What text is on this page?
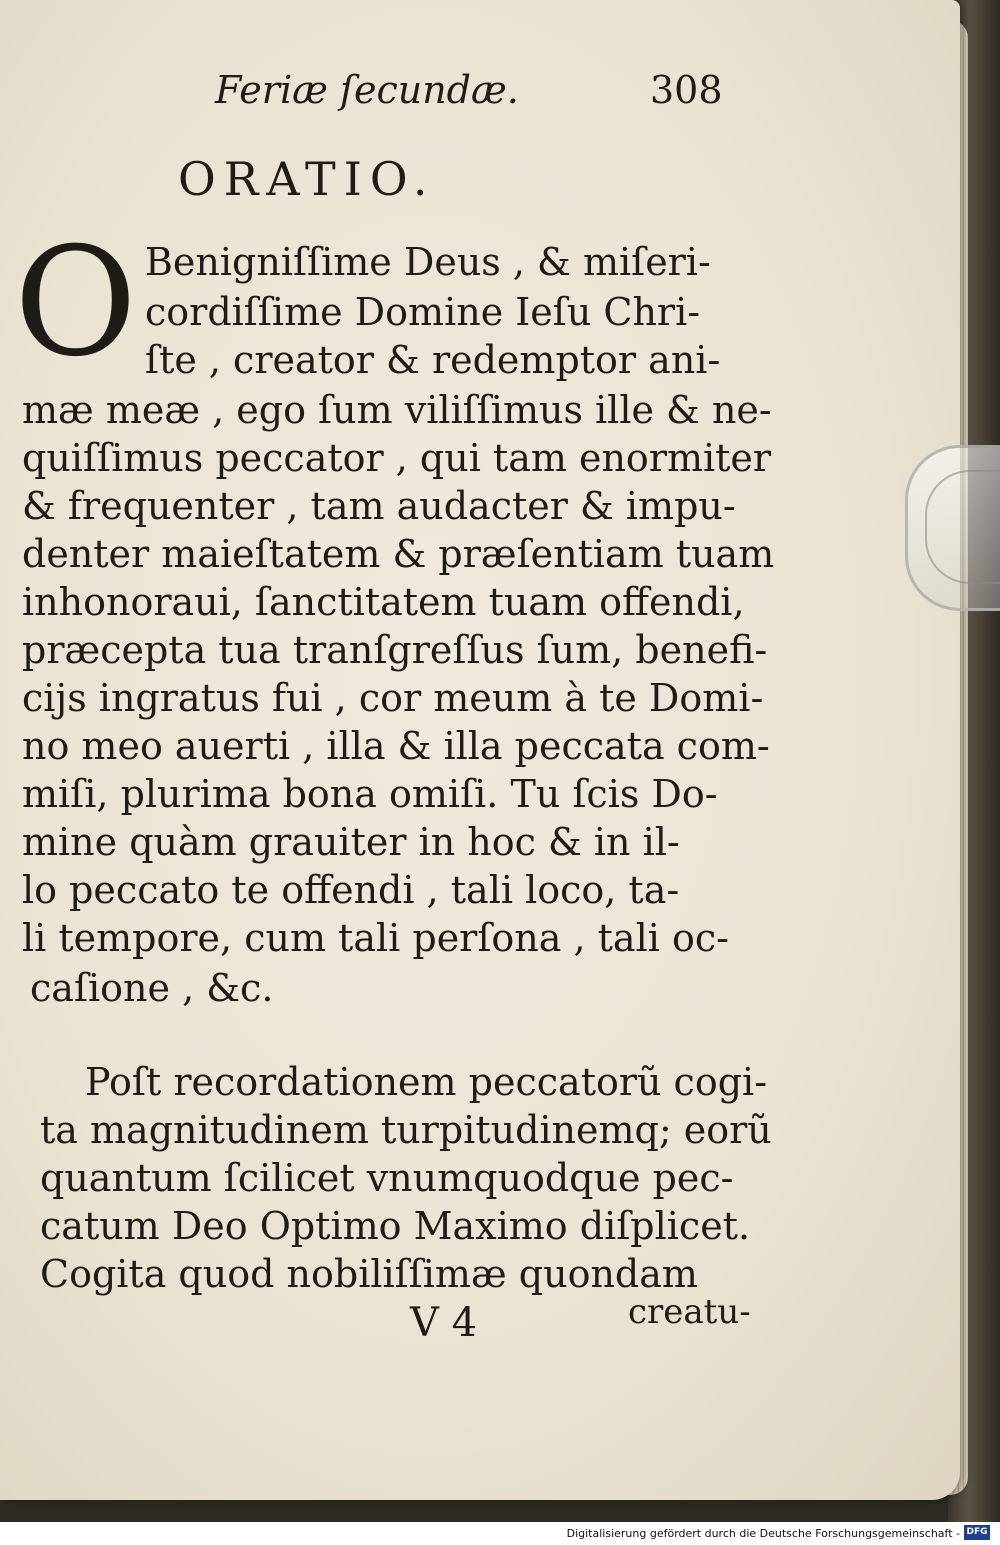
Feriæ ſecundæ.	308
ORATIO.
O Benigniſſime Deus , & miſeri-
cordiſſime Domine Ieſu Chri-
ſte , creator & redemptor ani-
mæ meæ , ego ſum viliſſimus ille & ne-
quiſſimus peccator , qui tam enormiter
& frequenter , tam audacter & impu-
denter maieſtatem & præſentiam tuam
inhonoraui, ſanctitatem tuam offendi,
præcepta tua tranſgreſſus ſum, benefi-
cijs ingratus fui , cor meum à te Domi-
no meo auerti , illa & illa peccata com-
miſi, plurima bona omiſi. Tu ſcis Do-
mine quàm grauiter in hoc & in il-
lo peccato te offendi , tali loco, ta-
li tempore, cum tali perſona , tali oc-
caſione , &c.
Poſt recordationem peccatorũ cogi-
ta magnitudinem turpitudinemq; eorũ
quantum ſcilicet vnumquodque pec-
catum Deo Optimo Maximo diſplicet.
Cogita quod nobiliſſimæ quondam
V 4	creatu-
Digitalisierung gefördert durch die Deutsche Forschungsgemeinschaft - DFG
